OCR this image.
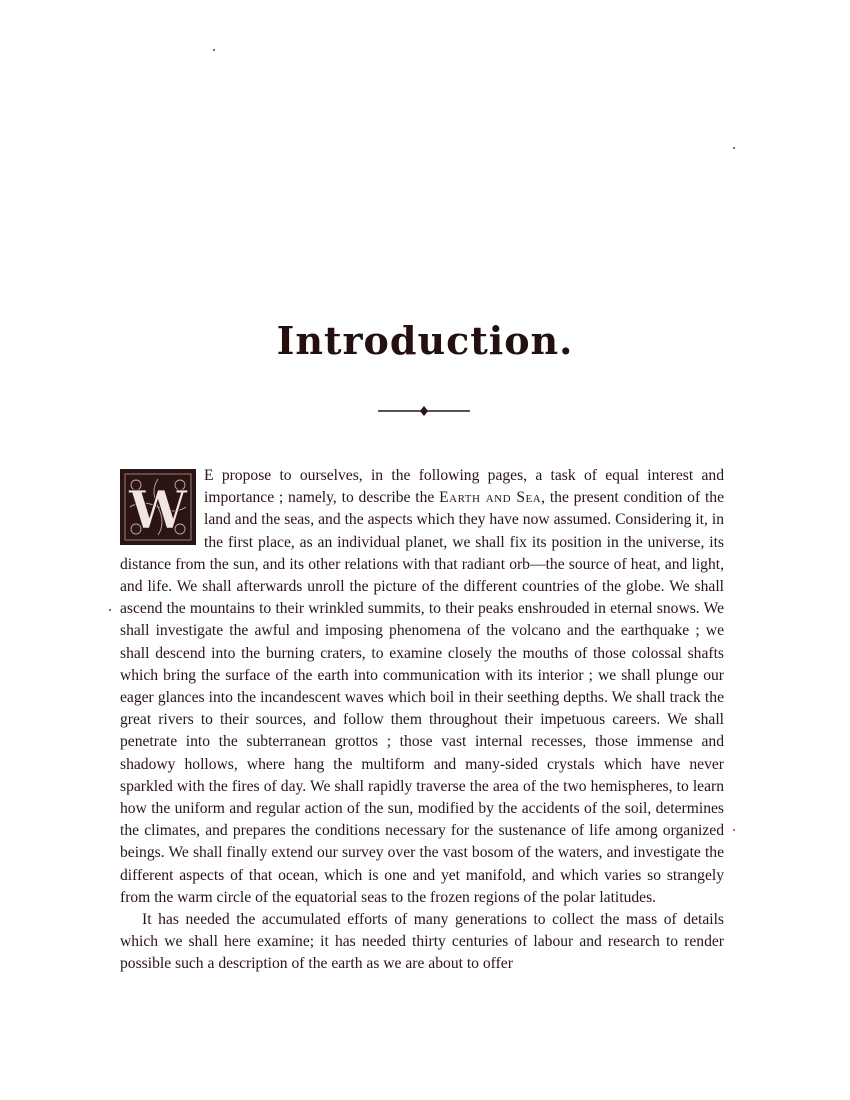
Introduction.

W
E propose to ourselves, in the following pages, a task of equal interest and importance ; namely, to describe the Earth and Sea, the present condition of the land and the seas, and the aspects which they have now assumed. Considering it, in the first place, as an individual planet, we shall fix its position in the universe, its distance from the sun, and its other relations with that radiant orb—the source of heat, and light, and life. We shall afterwards unroll the picture of the different countries of the globe. We shall ascend the mountains to their wrinkled summits, to their peaks enshrouded in eternal snows. We shall investigate the awful and imposing phenomena of the volcano and the earthquake ; we shall descend into the burning craters, to examine closely the mouths of those colossal shafts which bring the surface of the earth into communication with its interior ; we shall plunge our eager glances into the incandescent waves which boil in their seething depths. We shall track the great rivers to their sources, and follow them throughout their impetuous careers. We shall penetrate into the subterranean grottos ; those vast internal recesses, those immense and shadowy hollows, where hang the multiform and many-sided crystals which have never sparkled with the fires of day. We shall rapidly traverse the area of the two hemispheres, to learn how the uniform and regular action of the sun, modified by the accidents of the soil, determines the climates, and prepares the conditions necessary for the sustenance of life among organized beings. We shall finally extend our survey over the vast bosom of the waters, and investigate the different aspects of that ocean, which is one and yet manifold, and which varies so strangely from the warm circle of the equatorial seas to the frozen regions of the polar latitudes.

It has needed the accumulated efforts of many generations to collect the mass of details which we shall here examine; it has needed thirty centuries of labour and research to render possible such a description of the earth as we are about to offer
